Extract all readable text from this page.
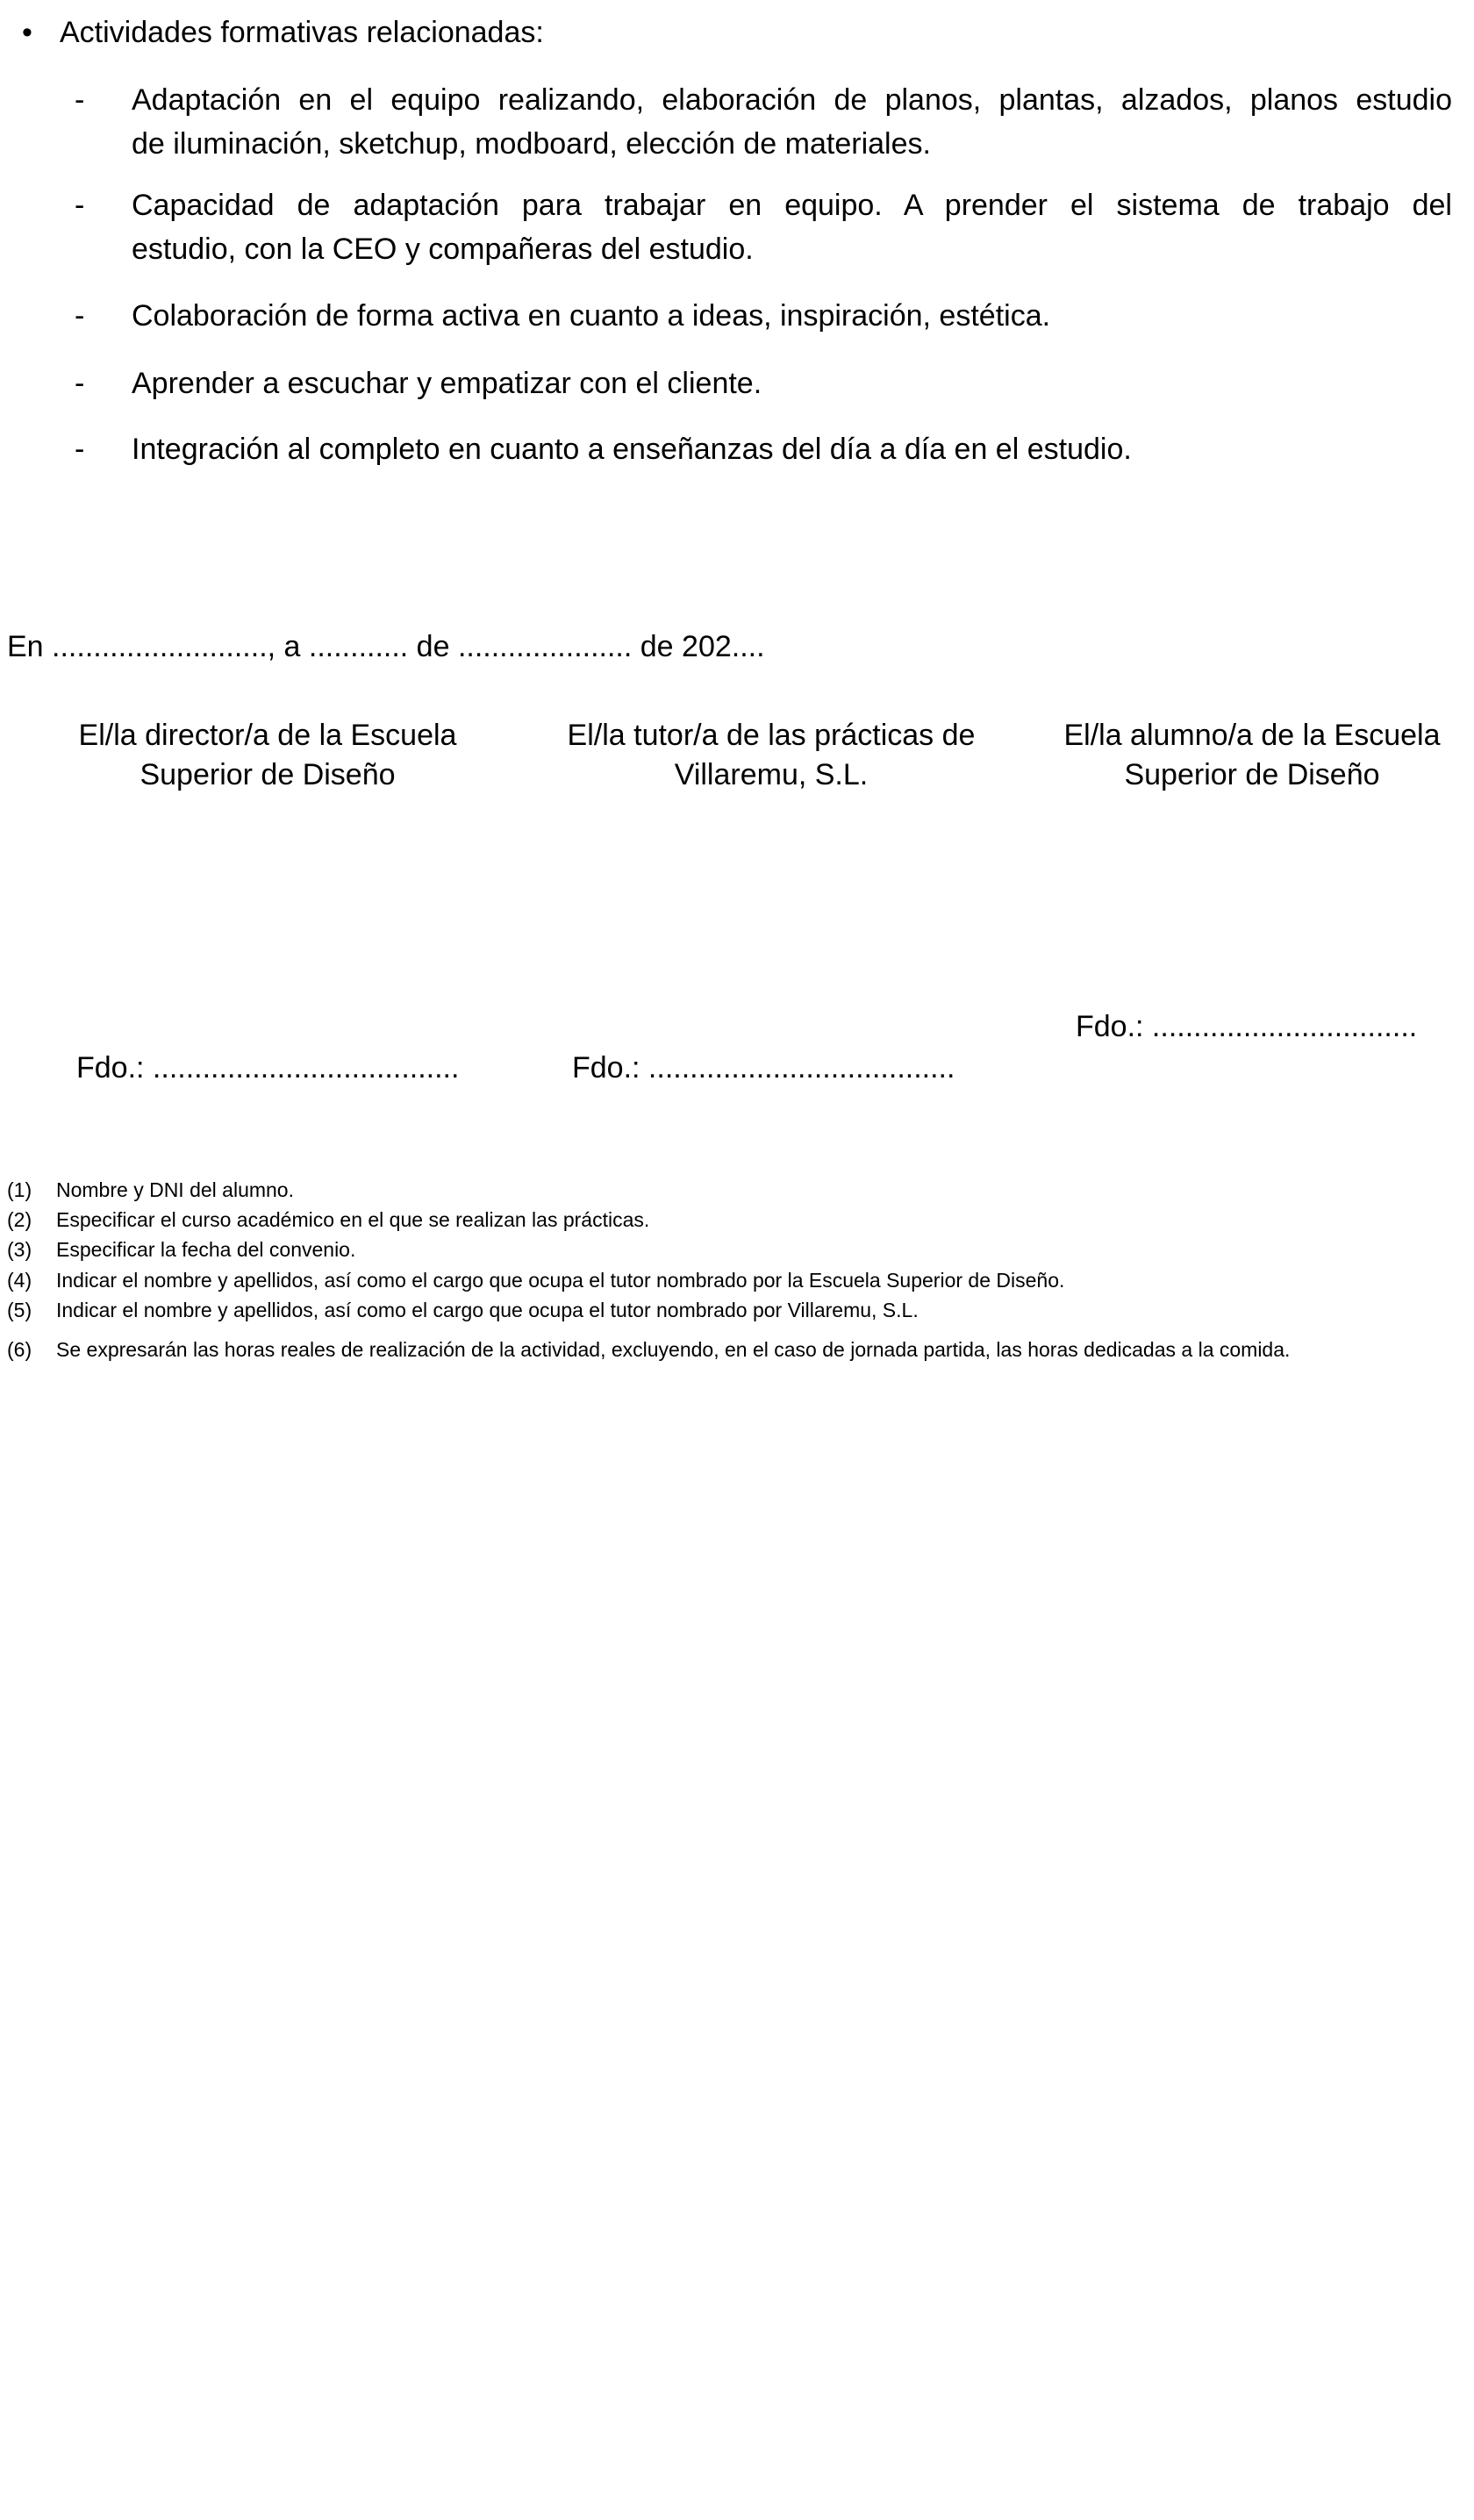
• Actividades formativas relacionadas:
-	Adaptación en el equipo realizando, elaboración de planos, plantas, alzados, planos estudio
de iluminación, sketchup, modboard, elección de materiales.
-	Capacidad de adaptación para trabajar en equipo. A prender el sistema de trabajo del
estudio, con la CEO y compañeras del estudio.
-	Colaboración de forma activa en cuanto a ideas, inspiración, estética.
-	Aprender a escuchar y empatizar con el cliente.
-	Integración al completo en cuanto a enseñanzas del día a día en el estudio.
En .........................., a ............ de ..................... de 202....
El/la director/a de la Escuela
Superior de Diseño
El/la tutor/a de las prácticas de
Villaremu, S.L.
El/la alumno/a de la Escuela
Superior de Diseño
Fdo.: .....................................	Fdo.: .....................................
Fdo.: ................................
(1)	Nombre y DNI del alumno.
(2)	Especificar el curso académico en el que se realizan las prácticas.
(3)	Especificar la fecha del convenio.
(4)	Indicar el nombre y apellidos, así como el cargo que ocupa el tutor nombrado por la Escuela Superior de Diseño.
(5)	Indicar el nombre y apellidos, así como el cargo que ocupa el tutor nombrado por Villaremu, S.L.
(6)	Se expresarán las horas reales de realización de la actividad, excluyendo, en el caso de jornada partida, las horas dedicadas a la comida.
